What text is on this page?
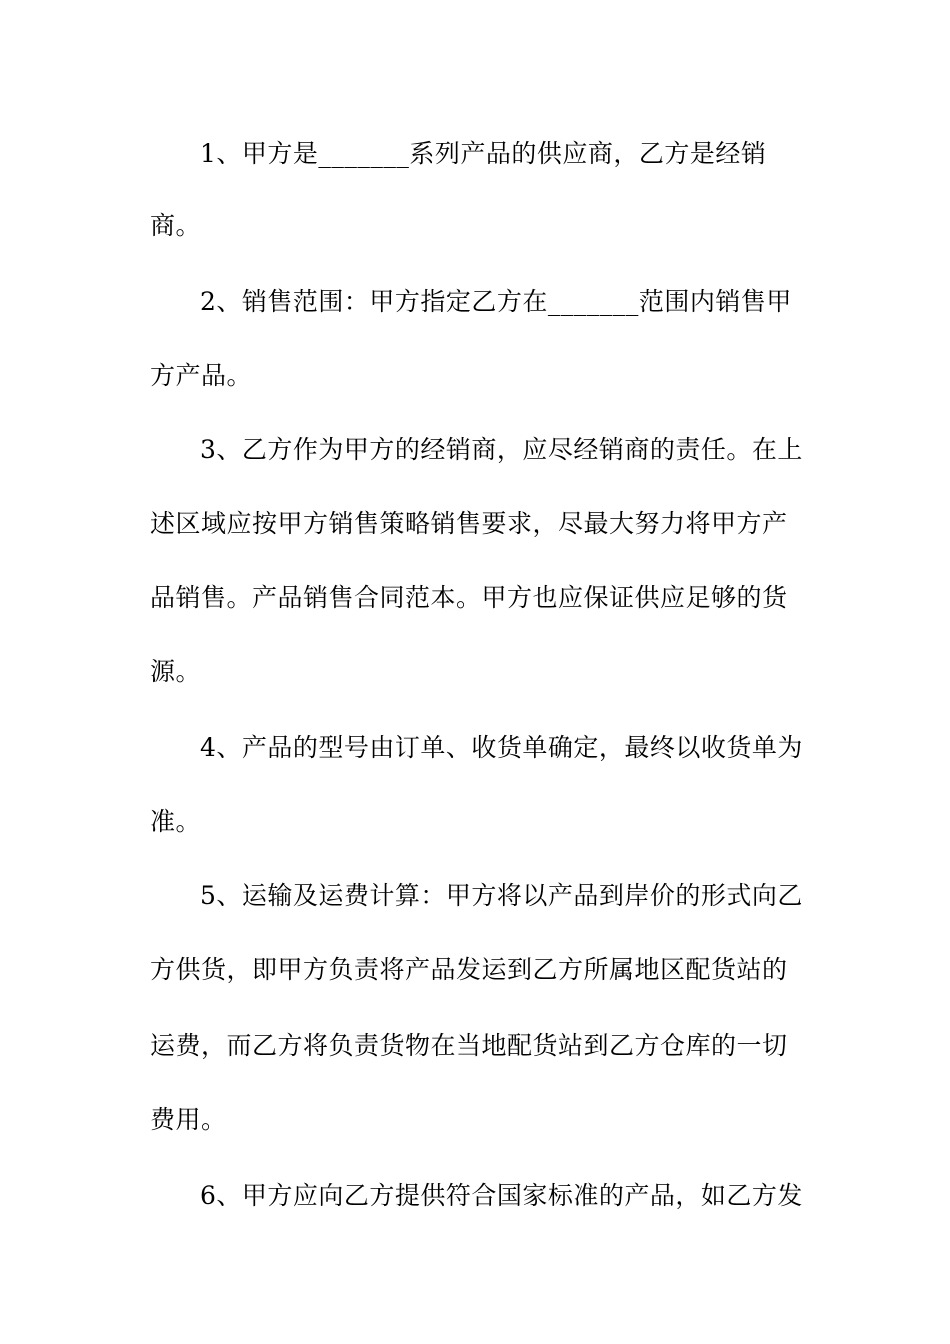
1、甲方是_______系列产品的供应商，乙方是经销
商。
2、销售范围：甲方指定乙方在_______范围内销售甲
方产品。
3、乙方作为甲方的经销商，应尽经销商的责任。在上
述区域应按甲方销售策略销售要求，尽最大努力将甲方产
品销售。产品销售合同范本。甲方也应保证供应足够的货
源。
4、产品的型号由订单、收货单确定，最终以收货单为
准。
5、运输及运费计算：甲方将以产品到岸价的形式向乙
方供货，即甲方负责将产品发运到乙方所属地区配货站的
运费，而乙方将负责货物在当地配货站到乙方仓库的一切
费用。
6、甲方应向乙方提供符合国家标准的产品，如乙方发
